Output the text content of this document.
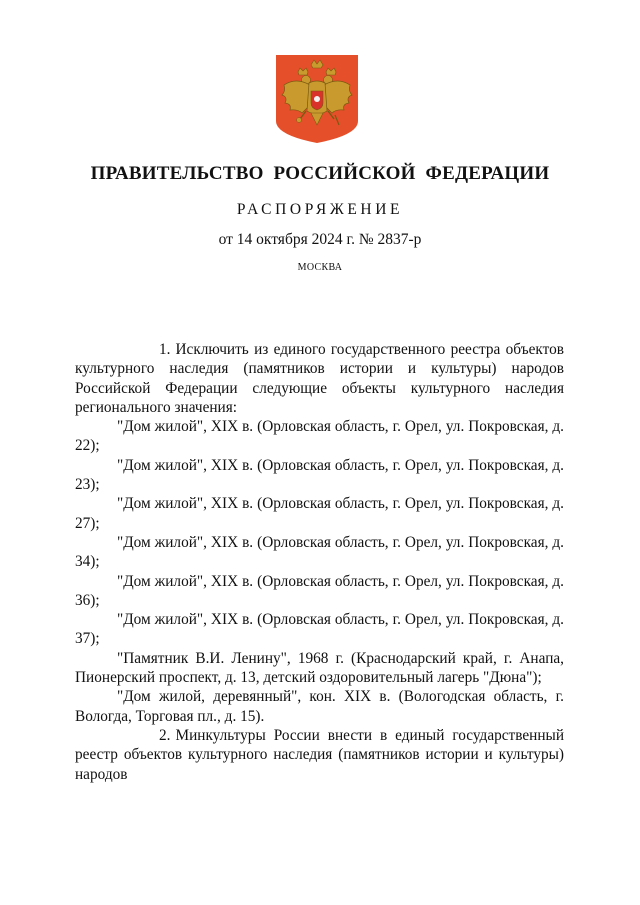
ПРАВИТЕЛЬСТВО РОССИЙСКОЙ ФЕДЕРАЦИИ
РАСПОРЯЖЕНИЕ
от 14 октября 2024 г. № 2837-р
МОСКВА

1. Исключить из единого государственного реестра объектов культурного наследия (памятников истории и культуры) народов Российской Федерации следующие объекты культурного наследия регионального значения:

"Дом жилой", XIX в. (Орловская область, г. Орел, ул. Покровская, д. 22);

"Дом жилой", XIX в. (Орловская область, г. Орел, ул. Покровская, д. 23);

"Дом жилой", XIX в. (Орловская область, г. Орел, ул. Покровская, д. 27);

"Дом жилой", XIX в. (Орловская область, г. Орел, ул. Покровская, д. 34);

"Дом жилой", XIX в. (Орловская область, г. Орел, ул. Покровская, д. 36);

"Дом жилой", XIX в. (Орловская область, г. Орел, ул. Покровская, д. 37);

"Памятник В.И. Ленину", 1968 г. (Краснодарский край, г. Анапа, Пионерский проспект, д. 13, детский оздоровительный лагерь "Дюна");

"Дом жилой, деревянный", кон. XIX в. (Вологодская область, г. Вологда, Торговая пл., д. 15).

2. Минкультуры России внести в единый государственный реестр объектов культурного наследия (памятников истории и культуры) народов
